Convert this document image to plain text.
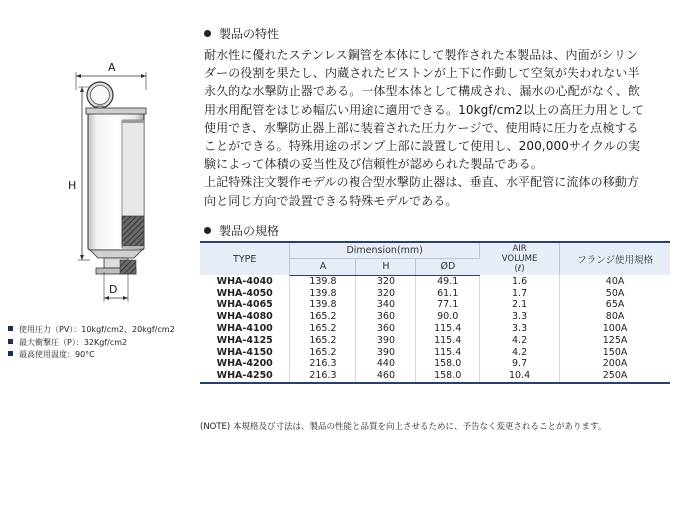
A
H
D
使用圧力（PV）：10kgf/cm2、20kgf/cm2
最大衝撃圧（P）：32Kgf/cm2
最高使用温度：90°C
製品の特性
耐水性に優れたステンレス鋼管を本体にして製作された本製品は、内面がシリン
ダーの役割を果たし、内蔵されたピストンが上下に作動して空気が失われない半
永久的な水撃防止器である。一体型本体として構成され、漏水の心配がなく、飲
用水用配管をはじめ幅広い用途に適用できる。10kgf/cm2以上の高圧力用として
使用でき、水撃防止器上部に装着された圧力ケージで、使用時に圧力を点検する
ことができる。特殊用途のポンプ上部に設置して使用し、200,000サイクルの実
験によって体積の妥当性及び信頼性が認められた製品である。
上記特殊注文製作モデルの複合型水撃防止器は、垂直、水平配管に流体の移動方
向と同じ方向で設置できる特殊モデルである。
製品の規格
TYPE	Dimension(mm)			AIR
VOLUME
(ℓ)	フランジ使用規格
	A	H	ØD		
WHA-4040	139.8	320	49.1	1.6	40A
WHA-4050	139.8	320	61.1	1.7	50A
WHA-4065	139.8	340	77.1	2.1	65A
WHA-4080	165.2	360	90.0	3.3	80A
WHA-4100	165.2	360	115.4	3.3	100A
WHA-4125	165.2	390	115.4	4.2	125A
WHA-4150	165.2	390	115.4	4.2	150A
WHA-4200	216.3	440	158.0	9.7	200A
WHA-4250	216.3	460	158.0	10.4	250A
(NOTE) 本規格及び寸法は、製品の性能と品質を向上させるために、予告なく変更されることがあります。
